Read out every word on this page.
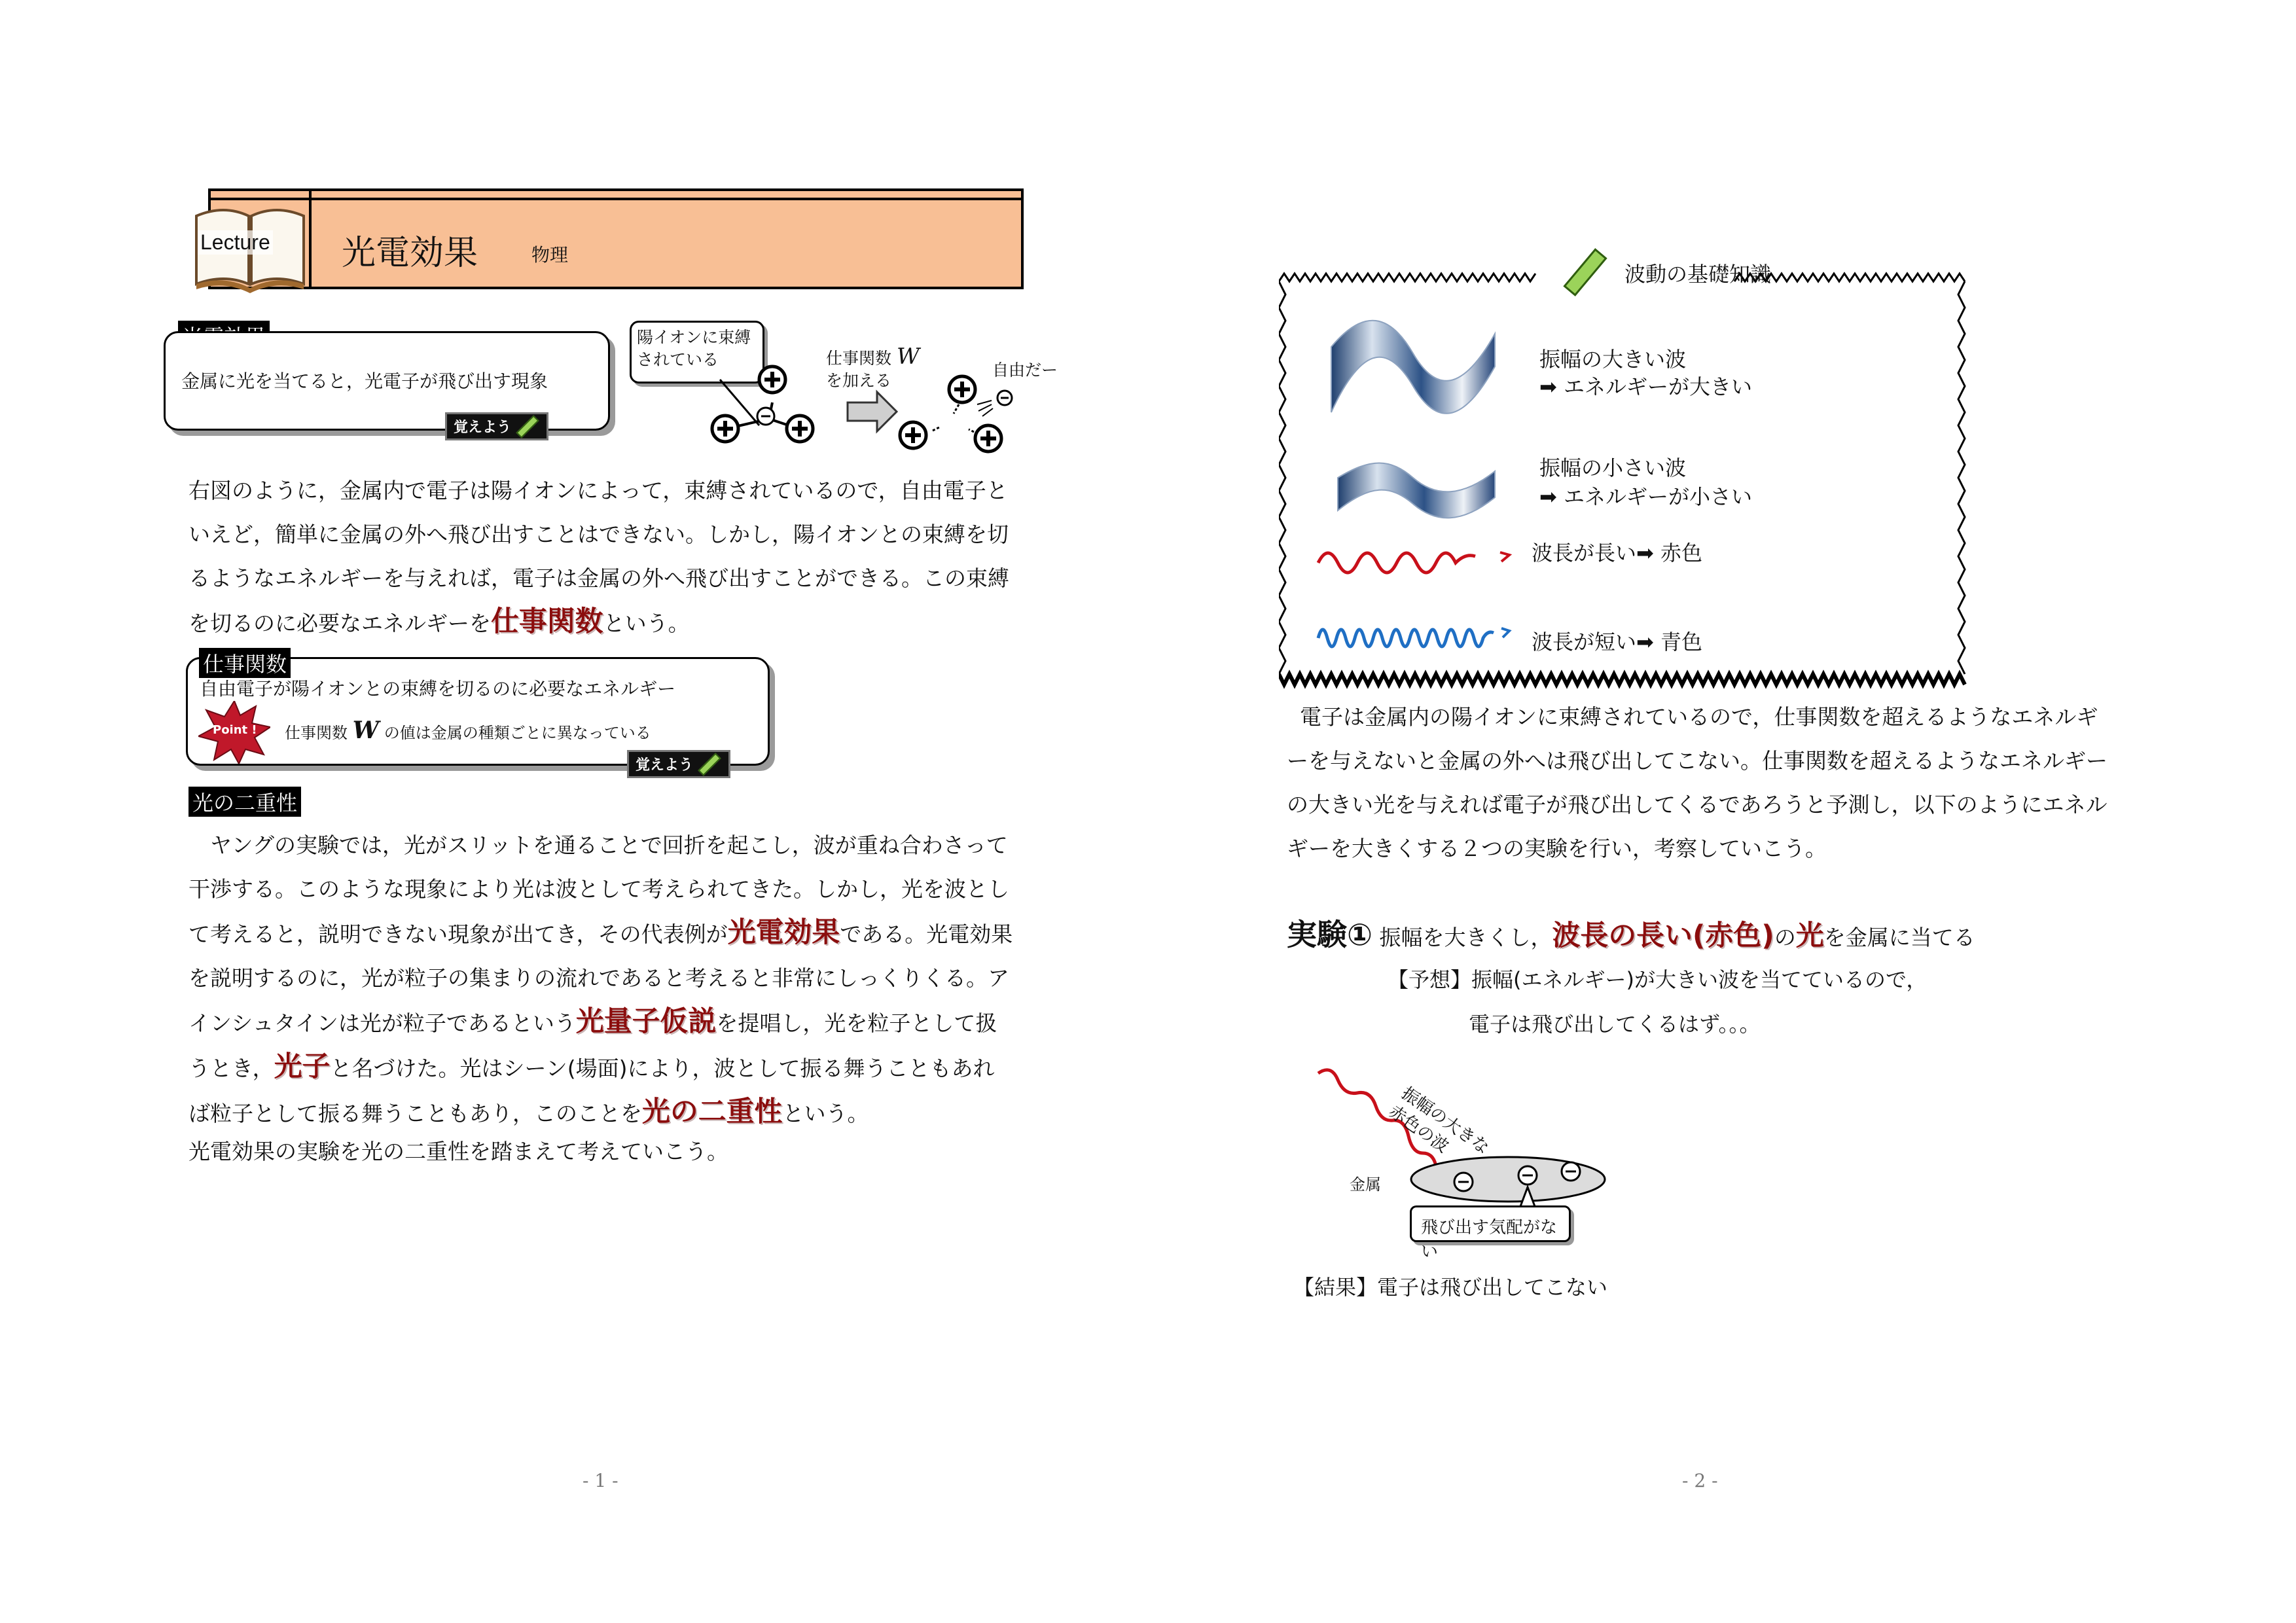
光電効果	物理
Lecture
金属に光を当てると，光電子が飛び出す現象
覚えよう
陽イオンに束縛されている	仕事関数 W
を加える
自由だー
右図のように，金属内で電子は陽イオンによって，束縛されているので，自由電子といえど，簡単に金属の外へ飛び出すことはできない。しかし，陽イオンとの束縛を切るようなエネルギーを与えれば，電子は金属の外へ飛び出すことができる。この束縛を切るのに必要なエネルギーを仕事関数という。
自由電子が陽イオンとの束縛を切るのに必要なエネルギー
Point ! 仕事関数 W の値は金属の種類ごとに異なっている
仕事関数
覚えよう
光の二重性
ヤングの実験では，光がスリットを通ることで回折を起こし，波が重ね合わさって干渉する。このような現象により光は波として考えられてきた。しかし，光を波として考えると，説明できない現象が出てき，その代表例が光電効果である。光電効果を説明するのに，光が粒子の集まりの流れであると考えると非常にしっくりくる。アインシュタインは光が粒子であるという光量子仮説を提唱し，光を粒子として扱うとき，光子と名づけた。光はシーン(場面)により，波として振る舞うこともあれば粒子として振る舞うこともあり，このことを光の二重性という。
光電効果の実験を光の二重性を踏まえて考えていこう。
- 1 -
波動の基礎知識
振幅の大きい波
➡ エネルギーが大きい
振幅の小さい波
➡ エネルギーが小さい
波長が長い➡ 赤色
波長が短い➡ 青色
電子は金属内の陽イオンに束縛されているので，仕事関数を超えるようなエネルギーを与えないと金属の外へは飛び出してこない。仕事関数を超えるようなエネルギーの大きい光を与えれば電子が飛び出してくるであろうと予測し，以下のようにエネルギーを大きくする２つの実験を行い，考察していこう。
実験① 振幅を大きくし，波長の長い(赤色)の光を金属に当てる
【予想】振幅(エネルギー)が大きい波を当てているので，
電子は飛び出してくるはず。。。
振幅の大きな赤色の波
金属
飛び出す気配がない
【結果】電子は飛び出してこない
- 2 -
